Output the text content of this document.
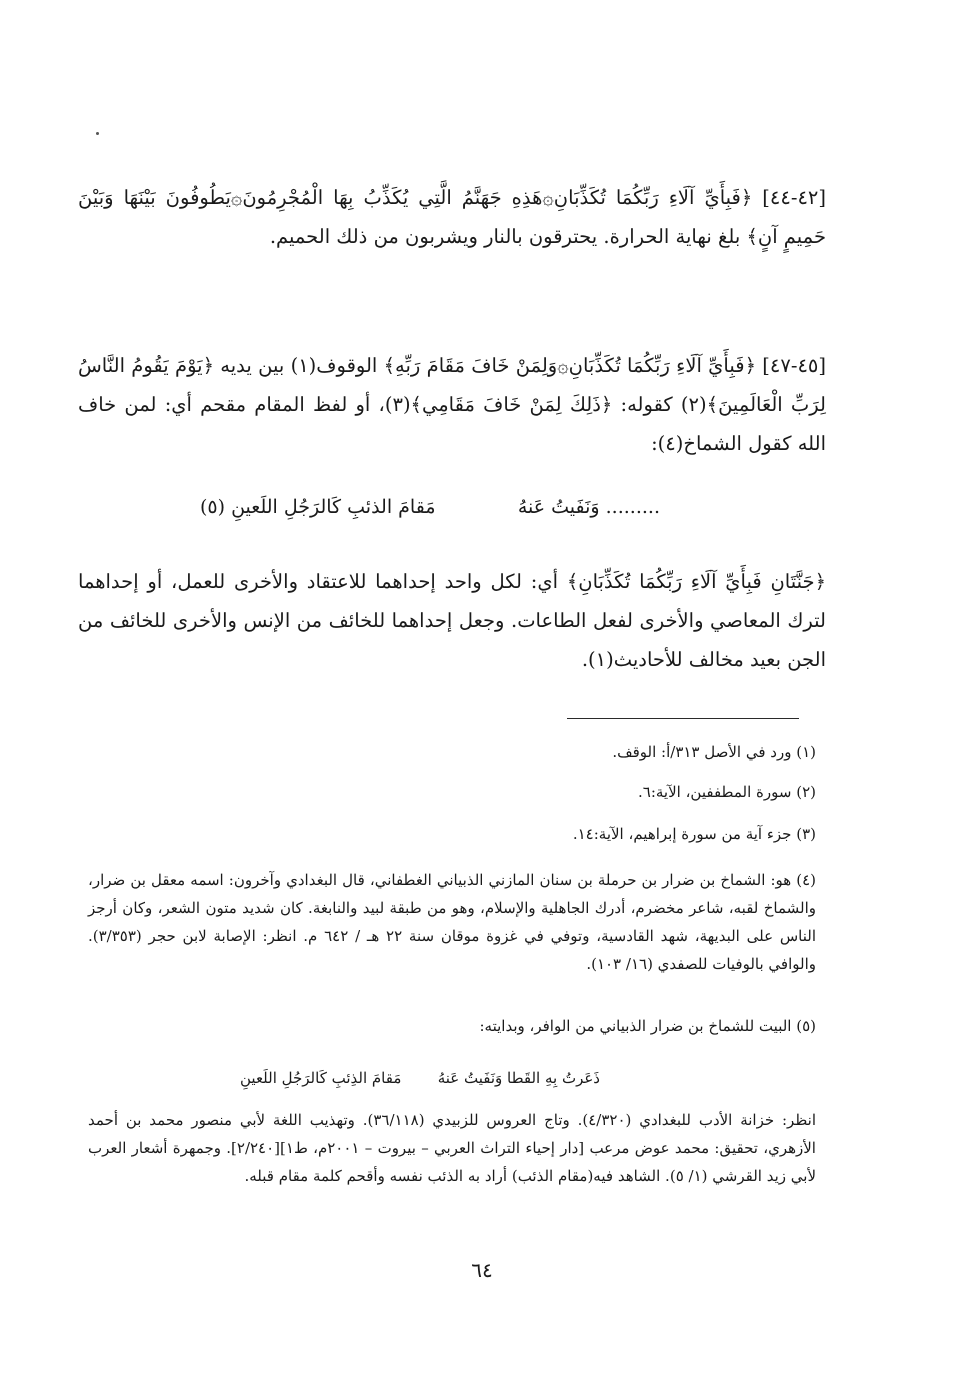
[٤٢-٤٤] ﴿فَبِأَيِّ آلَاءِ رَبِّكُمَا تُكَذِّبَانِ۞هَذِهِ جَهَنَّمُ الَّتِي يُكَذِّبُ بِهَا الْمُجْرِمُونَ۞يَطُوفُونَ بَيْنَهَا وَبَيْنَ حَمِيمٍ آنٍ﴾ بلغ نهاية الحرارة. يحترقون بالنار ويشربون من ذلك الحميم.

[٤٥-٤٧] ﴿فَبِأَيِّ آلَاءِ رَبِّكُمَا تُكَذِّبَانِ۞وَلِمَنْ خَافَ مَقَامَ رَبِّهِ﴾ الوقوف(١) بين يديه ﴿يَوْمَ يَقُومُ النَّاسُ لِرَبِّ الْعَالَمِينَ﴾(٢) كقوله: ﴿ذَلِكَ لِمَنْ خَافَ مَقَامِي﴾(٣)، أو لفظ المقام مقحم أي: لمن خاف الله كقول الشماخ(٤):

......... وَنَفَيتُ عَنهُ
مَقامَ الذئبِ كَالرَجُلِ اللَعينِ (٥)

﴿جَنَّتَانِ فَبِأَيِّ آلَاءِ رَبِّكُمَا تُكَذِّبَانِ﴾ أي: لكل واحد إحداهما للاعتقاد والأخرى للعمل، أو إحداهما لترك المعاصي والأخرى لفعل الطاعات. وجعل إحداهما للخائف من الإنس والأخرى للخائف من الجن بعيد مخالف للأحاديث(١).

(١) ورد في الأصل ٣١٣/أ: الوقف.

(٢) سورة المطففين، الآية:٦.

(٣) جزء آية من سورة إبراهيم، الآية:١٤.

(٤) هو: الشماخ بن ضرار بن حرملة بن سنان المازني الذبياني الغطفاني، قال البغدادي وآخرون: اسمه معقل بن ضرار، والشماخ لقبه، شاعر مخضرم، أدرك الجاهلية والإسلام، وهو من طبقة لبيد والنابغة. كان شديد متون الشعر، وكان أرجز الناس على البديهة، شهد القادسية، وتوفي في غزوة موقان سنة ٢٢ هـ / ٦٤٢ م. انظر: الإصابة لابن حجر (٣/٣٥٣). والوافي بالوفيات للصفدي (١٦/ ١٠٣).

(٥) البيت للشماخ بن ضرار الذبياني من الوافر، وبدايته:

ذَعَرتُ بِهِ القَطا وَنَفَيتُ عَنهُ
مَقامَ الذِئبِ كَالرَجُلِ اللَعينِ

انظر: خزانة الأدب للبغدادي (٤/٣٢٠). وتاج العروس للزبيدي (٣٦/١١٨). وتهذيب اللغة لأبي منصور محمد بن أحمد الأزهري، تحقيق: محمد عوض مرعب [دار إحياء التراث العربي – بيروت – ٢٠٠١م، ط١][٢/٢٤٠]. وجمهرة أشعار العرب لأبي زيد القرشي (١/ ٥). الشاهد فيه(مقام الذئب) أراد به الذئب نفسه وأقحم كلمة مقام قبله.

٦٤
